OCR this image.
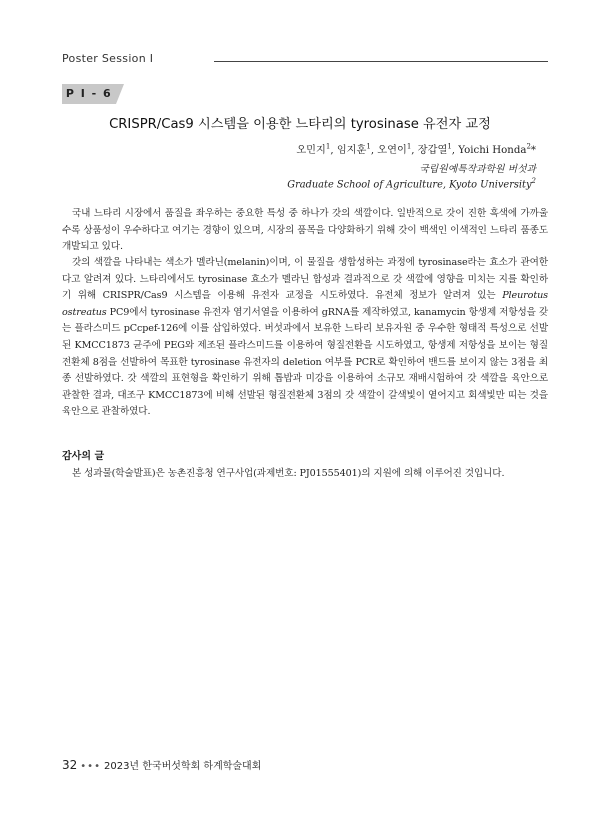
Poster Session Ⅰ
P I - 6
CRISPR/Cas9 시스템을 이용한 느타리의 tyrosinase 유전자 교정
오민지$^1$, 임지훈$^1$, 오연이$^1$, 장갑열$^1$, Yoichi Honda$^2$*
국립원예특작과학원 버섯과
Graduate School of Agriculture, Kyoto University$^2$

국내 느타리 시장에서 품질을 좌우하는 중요한 특성 중 하나가 갓의 색깔이다. 일반적으로 갓이 진한 흑색에 가까울수록 상품성이 우수하다고 여기는 경향이 있으며, 시장의 품목을 다양화하기 위해 갓이 백색인 이색적인 느타리 품종도 개발되고 있다.

갓의 색깔을 나타내는 색소가 멜라닌(melanin)이며, 이 물질을 생합성하는 과정에 tyrosinase라는 효소가 관여한다고 알려져 있다. 느타리에서도 tyrosinase 효소가 멜라닌 합성과 결과적으로 갓 색깔에 영향을 미치는 지를 확인하기 위해 CRISPR/Cas9 시스템을 이용해 유전자 교정을 시도하였다. 유전체 정보가 알려져 있는 Pleurotus ostreatus PC9에서 tyrosinase 유전자 염기서열을 이용하여 gRNA를 제작하였고, kanamycin 항생제 저항성을 갖는 플라스미드 pCcpef-126에 이를 삽입하였다. 버섯과에서 보유한 느타리 보유자원 중 우수한 형태적 특성으로 선발된 KMCC1873 균주에 PEG와 제조된 플라스미드를 이용하여 형질전환을 시도하였고, 항생제 저항성을 보이는 형질전환체 8점을 선발하여 목표한 tyrosinase 유전자의 deletion 여부를 PCR로 확인하여 밴드를 보이지 않는 3점을 최종 선발하였다. 갓 색깔의 표현형을 확인하기 위해 톱밥과 미강을 이용하여 소규모 재배시험하여 갓 색깔을 육안으로 관찰한 결과, 대조구 KMCC1873에 비해 선발된 형질전환체 3점의 갓 색깔이 갈색빛이 옅어지고 회색빛만 띠는 것을 육안으로 관찰하였다.

감사의 글

본 성과물(학술발표)은 농촌진흥청 연구사업(과제번호: PJ01555401)의 지원에 의해 이루어진 것입니다.

32 ••• 2023년 한국버섯학회 하계학술대회
